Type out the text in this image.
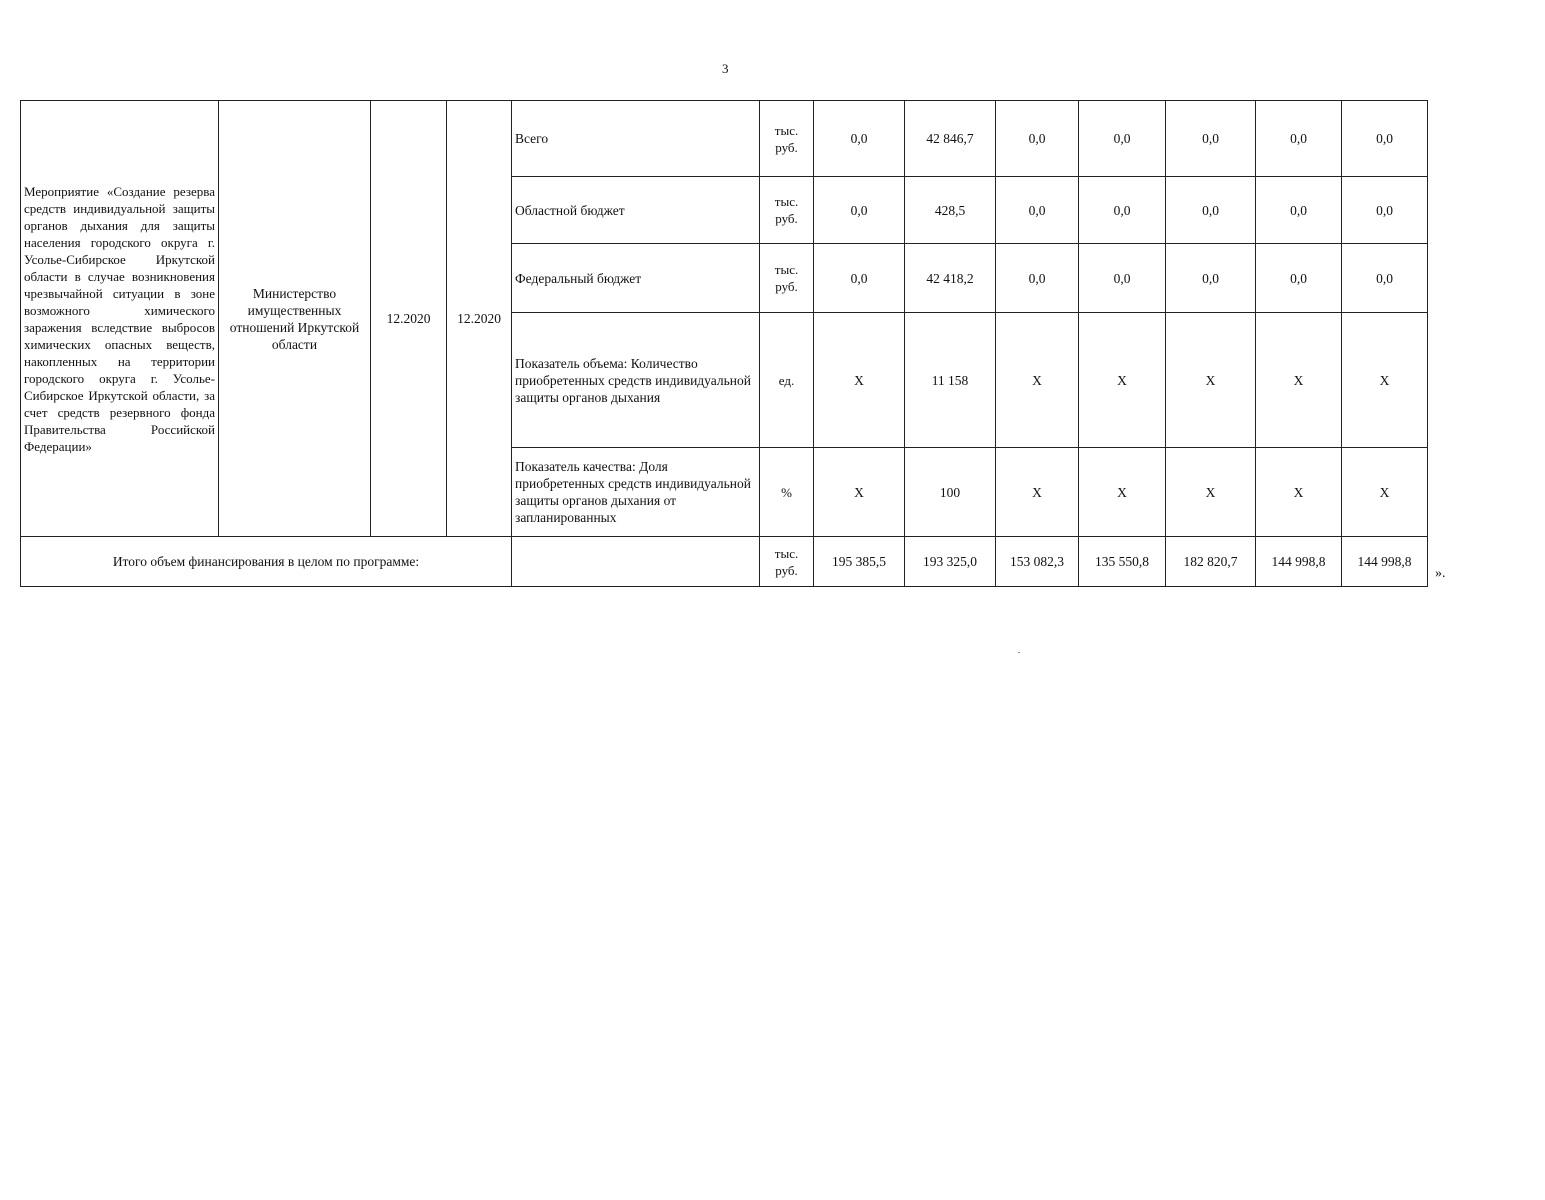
3
Мероприятие «Создание резерва средств индивидуальной защиты органов дыхания для защиты населения городского округа г. Усолье-Сибирское Иркутской области в случае возникновения чрезвычайной ситуации в зоне возможного химического заражения вследствие выбросов химических опасных веществ, накопленных на территории городского округа г. Усолье-Сибирское Иркутской области, за счет средств резервного фонда Правительства Российской Федерации»	Министерство имущественных отношений Иркутской области	12.2020	12.2020	Всего	тыс. руб.	0,0	42 846,7	0,0	0,0	0,0	0,0	0,0
				Областной бюджет	тыс. руб.	0,0	428,5	0,0	0,0	0,0	0,0	0,0
				Федеральный бюджет	тыс. руб.	0,0	42 418,2	0,0	0,0	0,0	0,0	0,0
				Показатель объема: Количество приобретенных средств индивидуальной защиты органов дыхания	ед.	X	11 158	X	X	X	X	X
				Показатель качества: Доля приобретенных средств индивидуальной защиты органов дыхания от запланированных	%	X	100	X	X	X	X	X
Итого объем финансирования в целом по программе:					тыс. руб.	195 385,5	193 325,0	153 082,3	135 550,8	182 820,7	144 998,8	144 998,8
».
